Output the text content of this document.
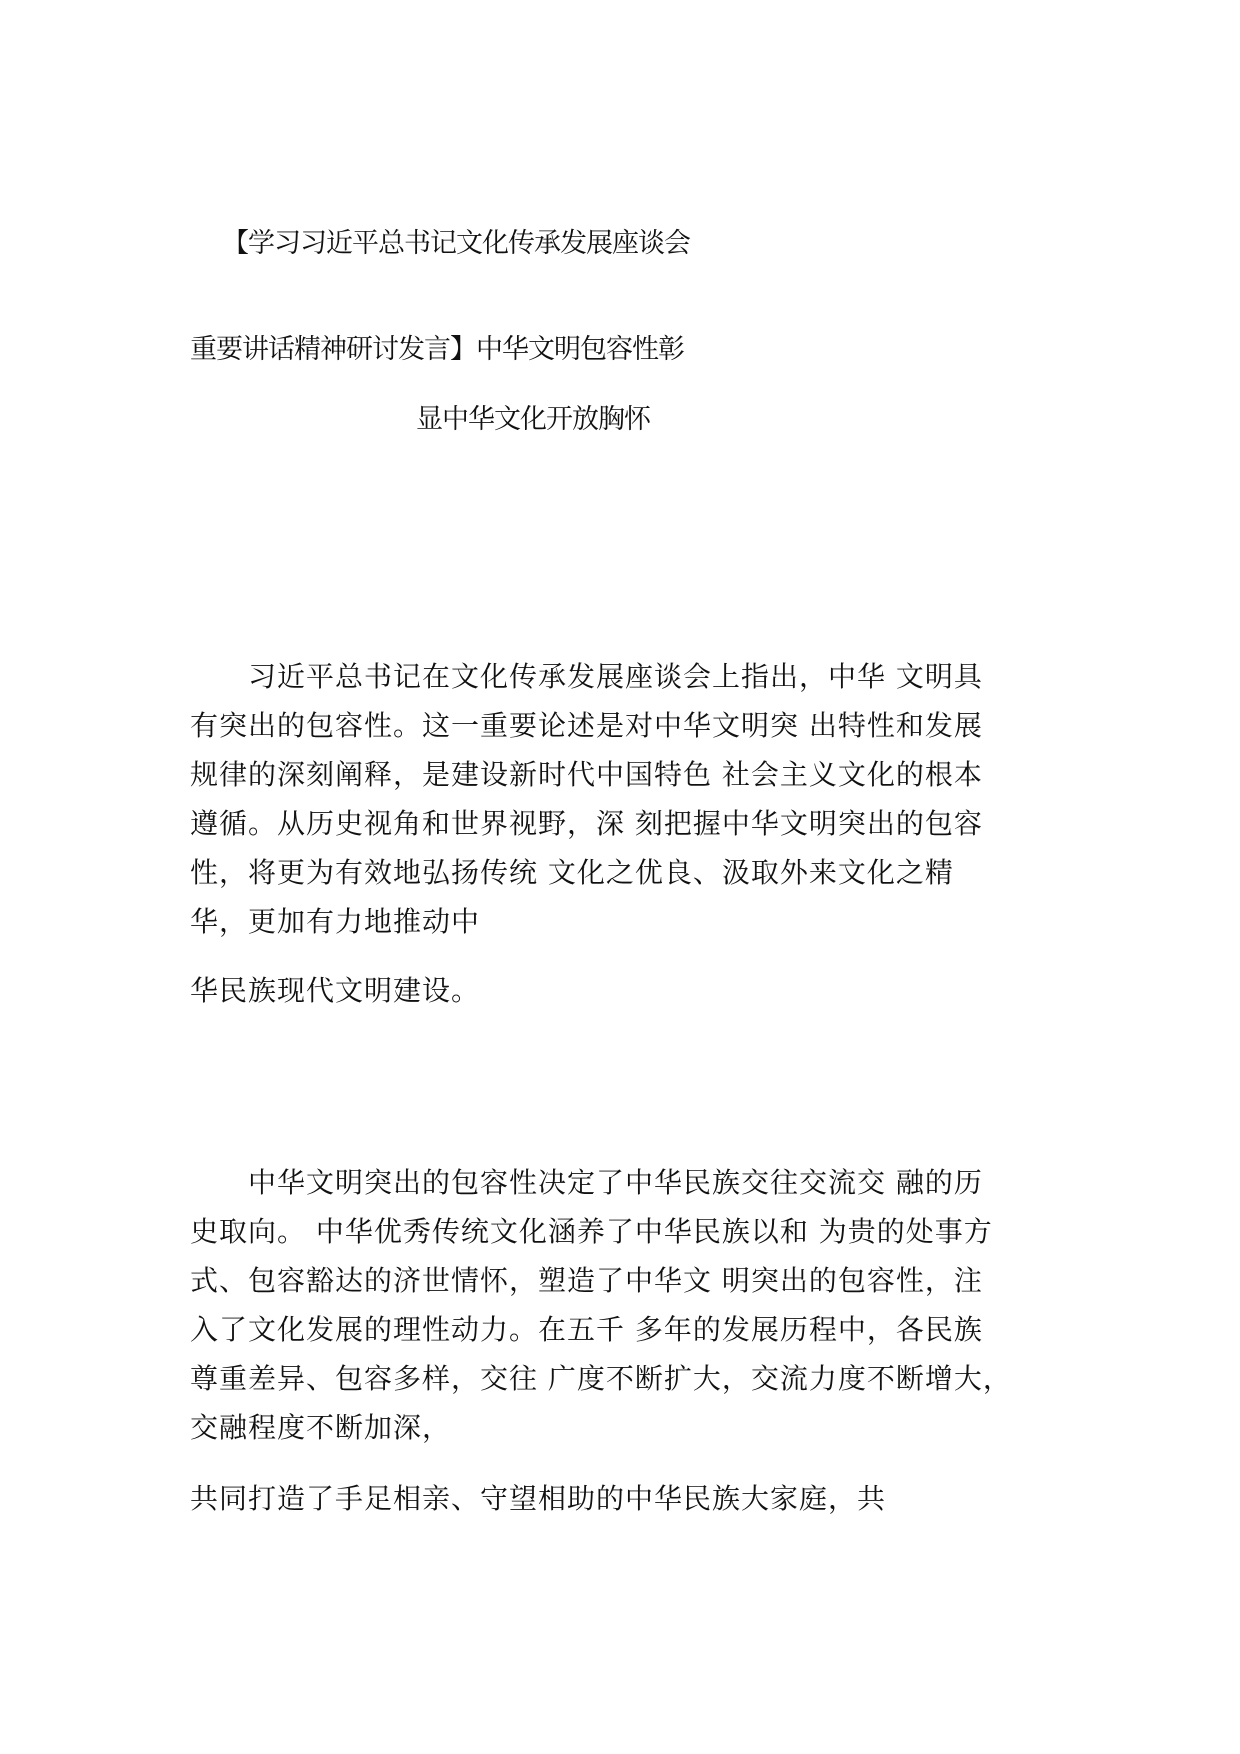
【学习习近平总书记文化传承发展座谈会
重要讲话精神研讨发言】中华文明包容性彰
显中华文化开放胸怀

　　习近平总书记在文化传承发展座谈会上指出，中华 文明具
有突出的包容性。这一重要论述是对中华文明突 出特性和发展
规律的深刻阐释，是建设新时代中国特色 社会主义文化的根本
遵循。从历史视角和世界视野，深 刻把握中华文明突出的包容
性，将更为有效地弘扬传统 文化之优良、汲取外来文化之精
华，更加有力地推动中

华民族现代文明建设。

　　中华文明突出的包容性决定了中华民族交往交流交 融的历
史取向。 中华优秀传统文化涵养了中华民族以和 为贵的处事方
式、包容豁达的济世情怀，塑造了中华文 明突出的包容性，注
入了文化发展的理性动力。在五千 多年的发展历程中，各民族
尊重差异、包容多样，交往 广度不断扩大，交流力度不断增大，
交融程度不断加深，

共同打造了手足相亲、守望相助的中华民族大家庭，共
